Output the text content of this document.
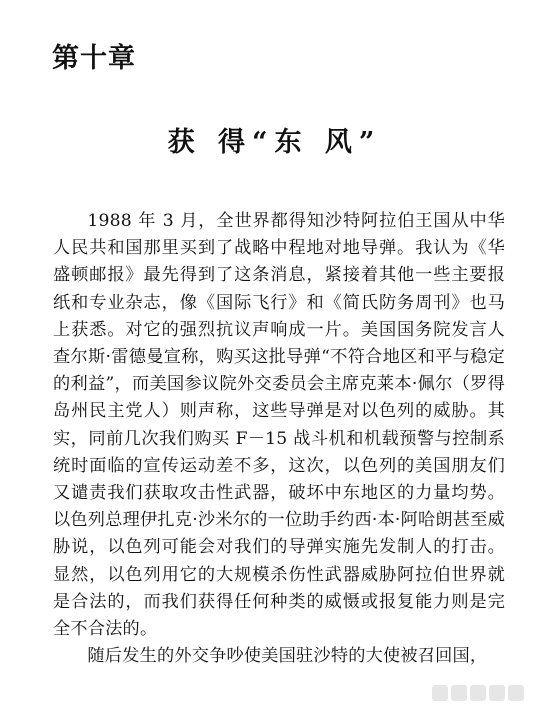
第十章
获 得“东 风”

1988 年 3 月，全世界都得知沙特阿拉伯王国从中华人民共和国那里买到了战略中程地对地导弹。我认为《华盛顿邮报》最先得到了这条消息，紧接着其他一些主要报纸和专业杂志，像《国际飞行》和《简氏防务周刊》也马上获悉。对它的强烈抗议声响成一片。美国国务院发言人查尔斯·雷德曼宣称，购买这批导弹“不符合地区和平与稳定的利益”，而美国参议院外交委员会主席克莱本·佩尔（罗得岛州民主党人）则声称，这些导弹是对以色列的威胁。其实，同前几次我们购买 F－15 战斗机和机载预警与控制系统时面临的宣传运动差不多，这次，以色列的美国朋友们又谴责我们获取攻击性武器，破坏中东地区的力量均势。以色列总理伊扎克·沙米尔的一位助手约西·本·阿哈朗甚至威胁说，以色列可能会对我们的导弹实施先发制人的打击。显然，以色列用它的大规模杀伤性武器威胁阿拉伯世界就是合法的，而我们获得任何种类的威慑或报复能力则是完全不合法的。

随后发生的外交争吵使美国驻沙特的大使被召回国，
